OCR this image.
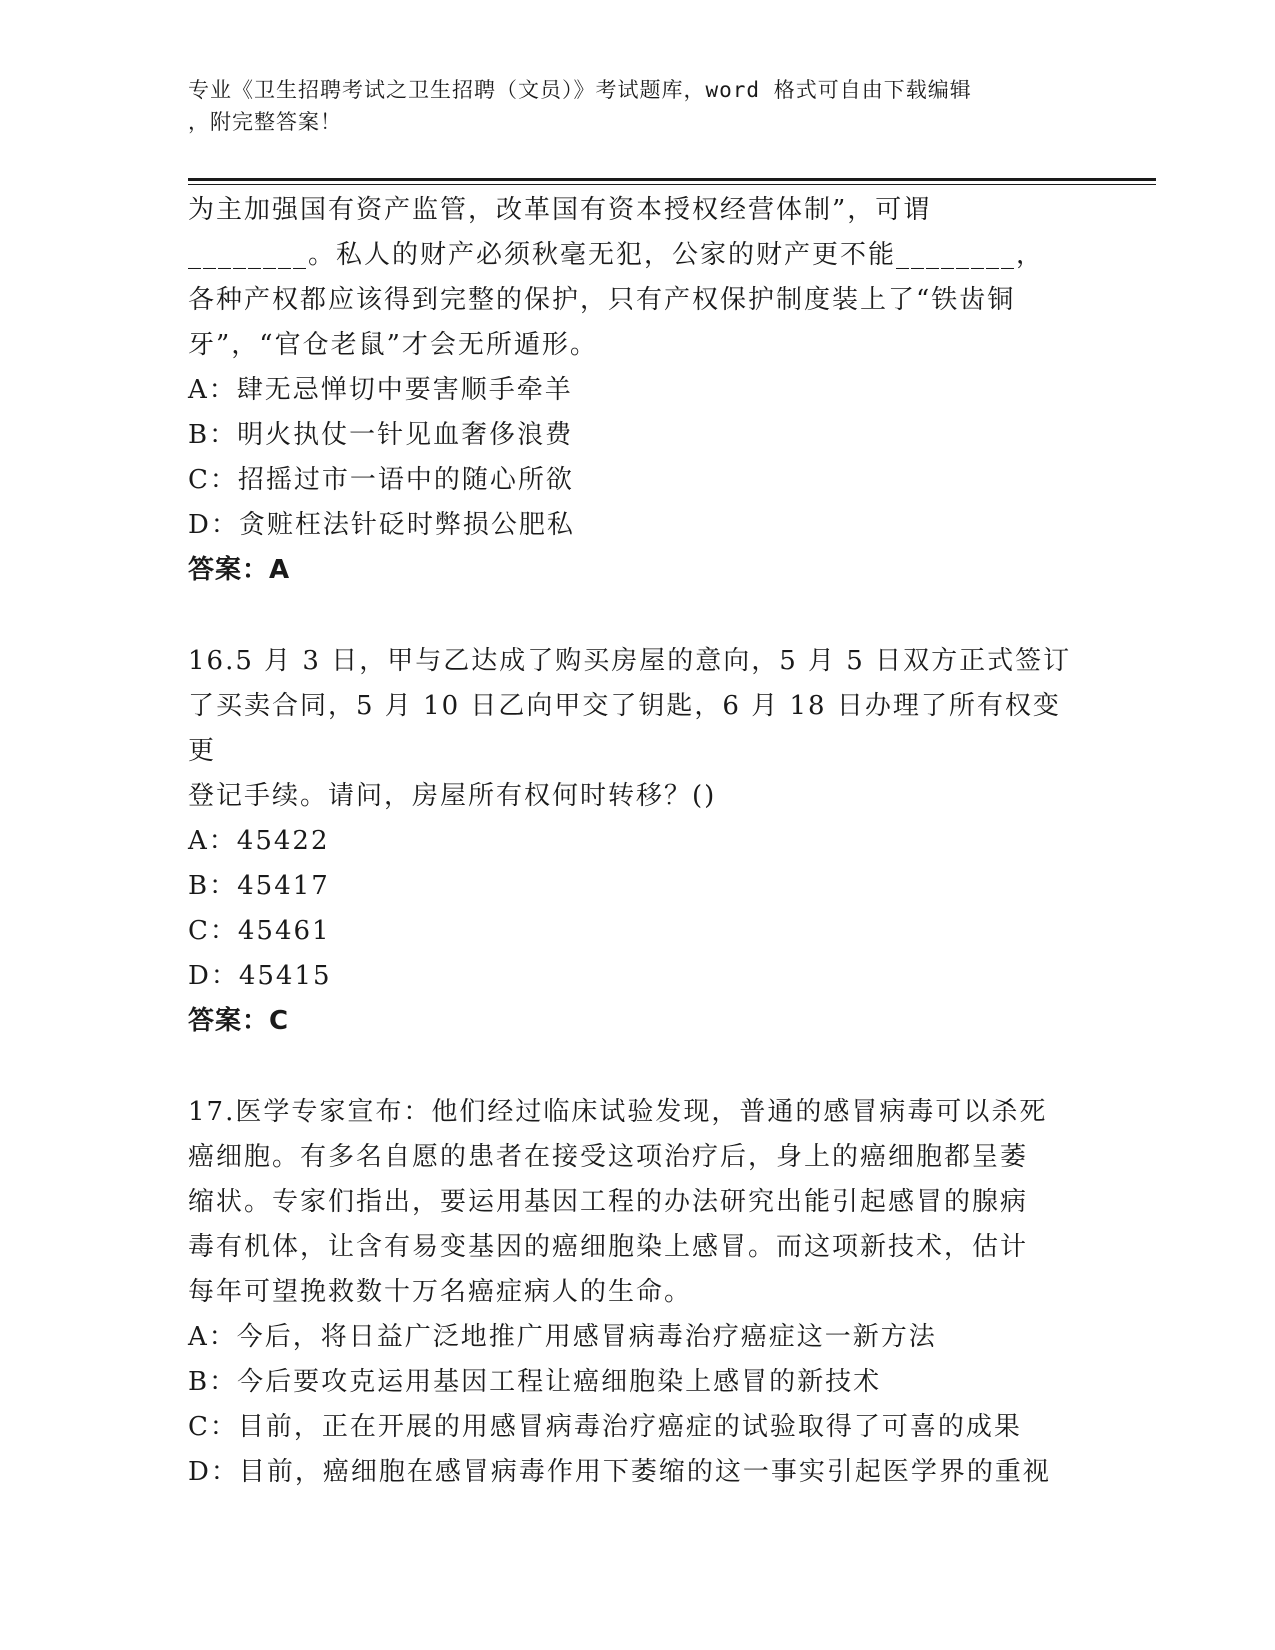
专业《卫生招聘考试之卫生招聘（文员）》考试题库，word 格式可自由下载编辑
，附完整答案！

为主加强国有资产监管，改革国有资本授权经营体制”，可谓

________。私人的财产必须秋毫无犯，公家的财产更不能________，

各种产权都应该得到完整的保护，只有产权保护制度装上了“铁齿铜

牙”，“官仓老鼠”才会无所遁形。

A：肆无忌惮切中要害顺手牵羊

B：明火执仗一针见血奢侈浪费

C：招摇过市一语中的随心所欲

D：贪赃枉法针砭时弊损公肥私

答案：A

16.5 月 3 日，甲与乙达成了购买房屋的意向，5 月 5 日双方正式签订

了买卖合同，5 月 10 日乙向甲交了钥匙，6 月 18 日办理了所有权变更

登记手续。请问，房屋所有权何时转移？()

A：45422

B：45417

C：45461

D：45415

答案：C

17.医学专家宣布：他们经过临床试验发现，普通的感冒病毒可以杀死

癌细胞。有多名自愿的患者在接受这项治疗后，身上的癌细胞都呈萎

缩状。专家们指出，要运用基因工程的办法研究出能引起感冒的腺病

毒有机体，让含有易变基因的癌细胞染上感冒。而这项新技术，估计

每年可望挽救数十万名癌症病人的生命。

A：今后，将日益广泛地推广用感冒病毒治疗癌症这一新方法

B：今后要攻克运用基因工程让癌细胞染上感冒的新技术

C：目前，正在开展的用感冒病毒治疗癌症的试验取得了可喜的成果

D：目前，癌细胞在感冒病毒作用下萎缩的这一事实引起医学界的重视
